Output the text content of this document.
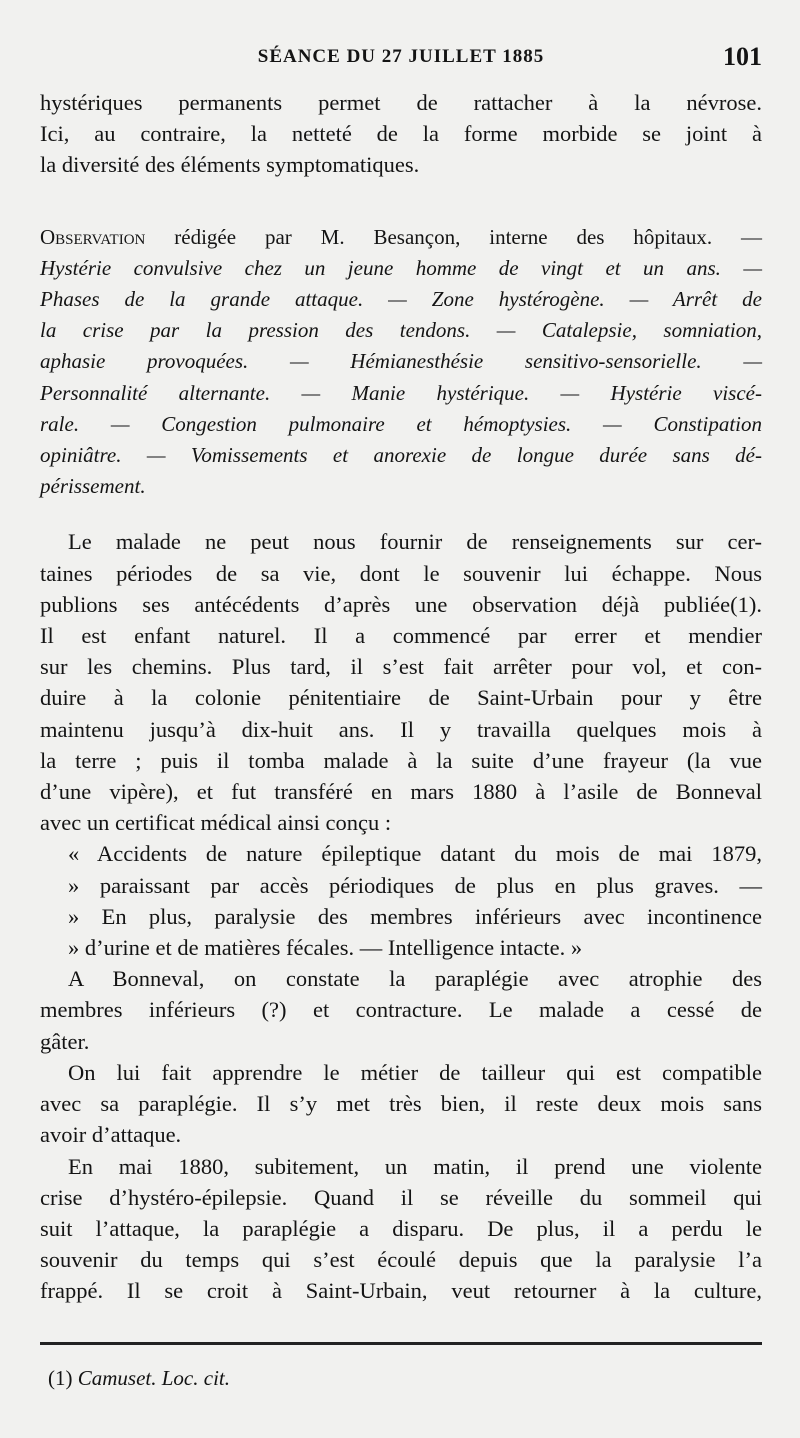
SÉANCE DU 27 JUILLET 1885	101

hystériques permanents permet de rattacher à la névrose.

Ici, au contraire, la netteté de la forme morbide se joint à

la diversité des éléments symptomatiques.

Observation rédigée par M. Besançon, interne des hôpitaux. —

Hystérie convulsive chez un jeune homme de vingt et un ans. —

Phases de la grande attaque. — Zone hystérogène. — Arrêt de

la crise par la pression des tendons. — Catalepsie, somniation,

aphasie provoquées. — Hémianesthésie sensitivo-sensorielle. —

Personnalité alternante. — Manie hystérique. — Hystérie viscé-

rale. — Congestion pulmonaire et hémoptysies. — Constipation

opiniâtre. — Vomissements et anorexie de longue durée sans dé-

périssement.

Le malade ne peut nous fournir de renseignements sur cer-

taines périodes de sa vie, dont le souvenir lui échappe. Nous

publions ses antécédents d’après une observation déjà publiée(1).

Il est enfant naturel. Il a commencé par errer et mendier

sur les chemins. Plus tard, il s’est fait arrêter pour vol, et con-

duire à la colonie pénitentiaire de Saint-Urbain pour y être

maintenu jusqu’à dix-huit ans. Il y travailla quelques mois à

la terre ; puis il tomba malade à la suite d’une frayeur (la vue

d’une vipère), et fut transféré en mars 1880 à l’asile de Bonneval

avec un certificat médical ainsi conçu :

« Accidents de nature épileptique datant du mois de mai 1879,

» paraissant par accès périodiques de plus en plus graves. —

» En plus, paralysie des membres inférieurs avec incontinence

» d’urine et de matières fécales. — Intelligence intacte. »

A Bonneval, on constate la paraplégie avec atrophie des

membres inférieurs (?) et contracture. Le malade a cessé de

gâter.

On lui fait apprendre le métier de tailleur qui est compatible

avec sa paraplégie. Il s’y met très bien, il reste deux mois sans

avoir d’attaque.

En mai 1880, subitement, un matin, il prend une violente

crise d’hystéro-épilepsie. Quand il se réveille du sommeil qui

suit l’attaque, la paraplégie a disparu. De plus, il a perdu le

souvenir du temps qui s’est écoulé depuis que la paralysie l’a

frappé. Il se croit à Saint-Urbain, veut retourner à la culture,

(1) Camuset. Loc. cit.
